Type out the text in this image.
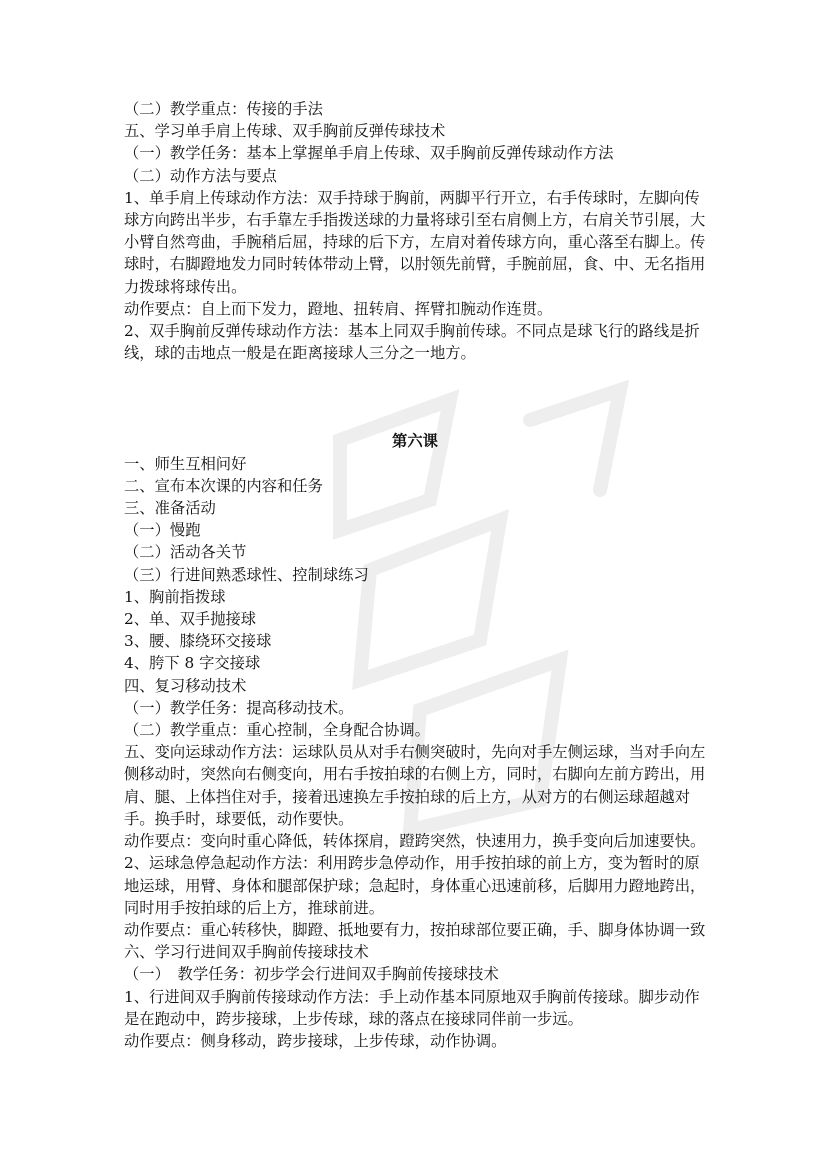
（二）教学重点：传接的手法

五、学习单手肩上传球、双手胸前反弹传球技术

（一）教学任务：基本上掌握单手肩上传球、双手胸前反弹传球动作方法

（二）动作方法与要点

1、单手肩上传球动作方法：双手持球于胸前，两脚平行开立，右手传球时，左脚向传球方向跨出半步，右手靠左手指拨送球的力量将球引至右肩侧上方，右肩关节引展，大小臂自然弯曲，手腕稍后屈，持球的后下方，左肩对着传球方向，重心落至右脚上。传球时，右脚蹬地发力同时转体带动上臂，以肘领先前臂，手腕前屈，食、中、无名指用力拨球将球传出。

动作要点：自上而下发力，蹬地、扭转肩、挥臂扣腕动作连贯。

2、双手胸前反弹传球动作方法：基本上同双手胸前传球。不同点是球飞行的路线是折线，球的击地点一般是在距离接球人三分之一地方。

第六课

一、师生互相问好

二、宣布本次课的内容和任务

三、准备活动

（一）慢跑

（二）活动各关节

（三）行进间熟悉球性、控制球练习

1、胸前指拨球

2、单、双手抛接球

3、腰、膝绕环交接球

4、胯下 8 字交接球

四、复习移动技术

（一）教学任务：提高移动技术。

（二）教学重点：重心控制，全身配合协调。

五、变向运球动作方法：运球队员从对手右侧突破时，先向对手左侧运球，当对手向左侧移动时，突然向右侧变向，用右手按拍球的右侧上方，同时，右脚向左前方跨出，用肩、腿、上体挡住对手，接着迅速换左手按拍球的后上方，从对方的右侧运球超越对手。换手时，球要低，动作要快。

动作要点：变向时重心降低，转体探肩，蹬跨突然，快速用力，换手变向后加速要快。

2、运球急停急起动作方法：利用跨步急停动作，用手按拍球的前上方，变为暂时的原地运球，用臂、身体和腿部保护球；急起时，身体重心迅速前移，后脚用力蹬地跨出，同时用手按拍球的后上方，推球前进。

动作要点：重心转移快，脚蹬、抵地要有力，按拍球部位要正确，手、脚身体协调一致

六、学习行进间双手胸前传接球技术

（一）　教学任务：初步学会行进间双手胸前传接球技术

1、行进间双手胸前传接球动作方法：手上动作基本同原地双手胸前传接球。脚步动作是在跑动中，跨步接球，上步传球，球的落点在接球同伴前一步远。

动作要点：侧身移动，跨步接球，上步传球，动作协调。
